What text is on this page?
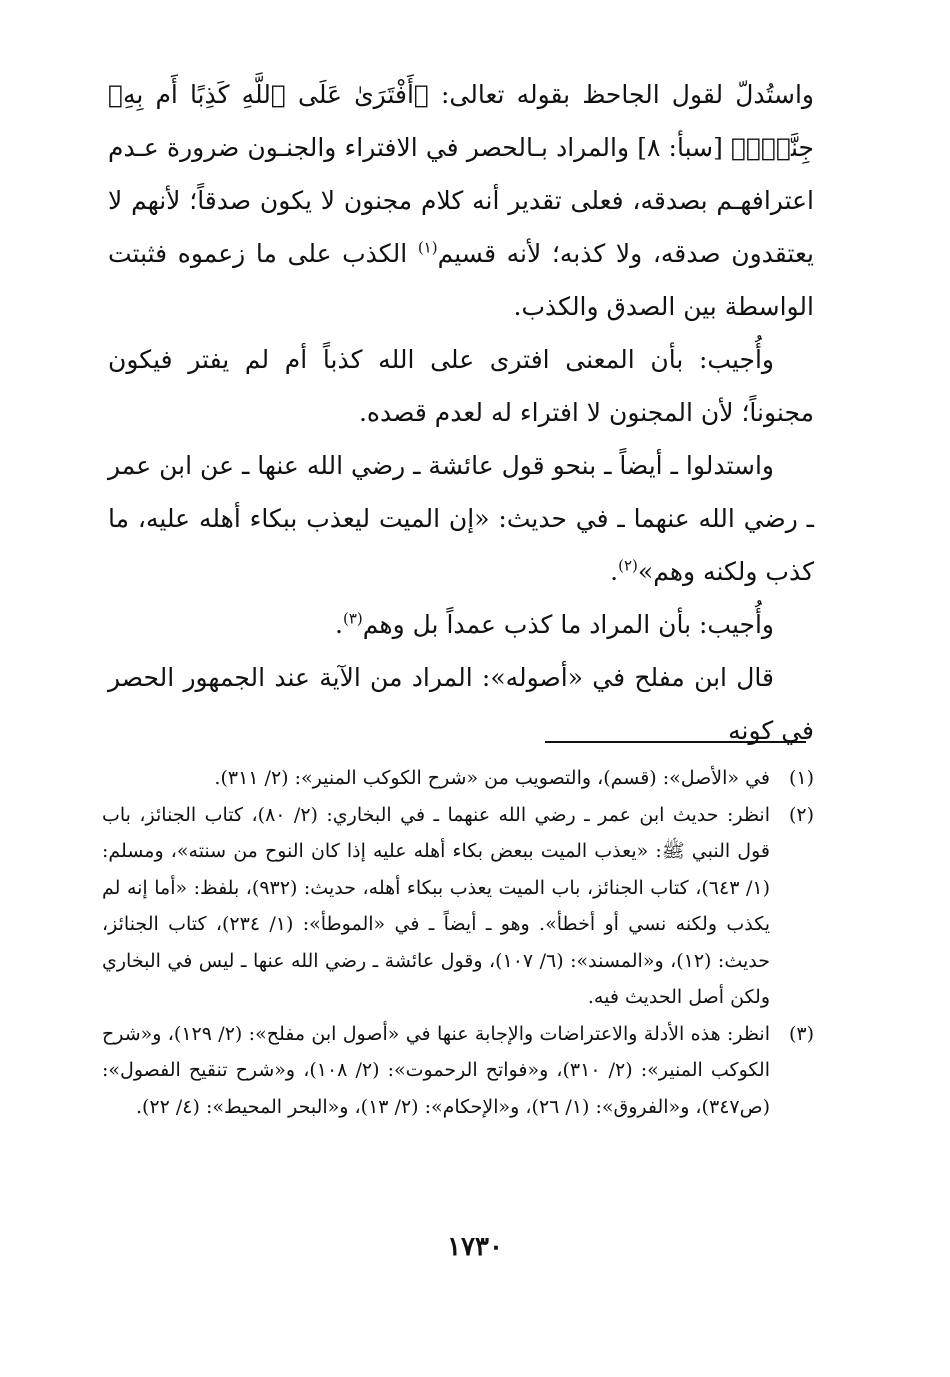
واستُدلّ لقول الجاحظ بقوله تعالى: ﴿أَفْتَرَىٰ عَلَى ٱللَّهِ كَذِبًا أَم بِهِۦ جِنَّةٌۢ﴾ [سبأ: ٨] والمراد بـالحصر في الافتراء والجنـون ضرورة عـدم اعترافهـم بصدقه، فعلى تقدير أنه كلام مجنون لا يكون صدقاً؛ لأنهم لا يعتقدون صدقه، ولا كذبه؛ لأنه قسيم$^{(١)}$ الكذب على ما زعموه فثبتت الواسطة بين الصدق والكذب.

وأُجيب: بأن المعنى افترى على الله كذباً أم لم يفتر فيكون مجنوناً؛ لأن المجنون لا افتراء له لعدم قصده.

واستدلوا ـ أيضاً ـ بنحو قول عائشة ـ رضي الله عنها ـ عن ابن عمر ـ رضي الله عنهما ـ في حديث: «إن الميت ليعذب ببكاء أهله عليه، ما كذب ولكنه وهم»$^{(٢)}$.

وأُجيب: بأن المراد ما كذب عمداً بل وهم$^{(٣)}$.

قال ابن مفلح في «أصوله»: المراد من الآية عند الجمهور الحصر في كونه

(١)
في «الأصل»: (قسم)، والتصويب من «شرح الكوكب المنير»: (٢/ ٣١١).
(٢)
انظر: حديث ابن عمر ـ رضي الله عنهما ـ في البخاري: (٢/ ٨٠)، كتاب الجنائز، باب قول النبي ﷺ: «يعذب الميت ببعض بكاء أهله عليه إذا كان النوح من سنته»، ومسلم: (١/ ٦٤٣)، كتاب الجنائز، باب الميت يعذب ببكاء أهله، حديث: (٩٣٢)، بلفظ: «أما إنه لم يكذب ولكنه نسي أو أخطأ». وهو ـ أيضاً ـ في «الموطأ»: (١/ ٢٣٤)، كتاب الجنائز، حديث: (١٢)، و«المسند»: (٦/ ١٠٧)، وقول عائشة ـ رضي الله عنها ـ ليس في البخاري ولكن أصل الحديث فيه.
(٣)
انظر: هذه الأدلة والاعتراضات والإجابة عنها في «أصول ابن مفلح»: (٢/ ١٢٩)، و«شرح الكوكب المنير»: (٢/ ٣١٠)، و«فواتح الرحموت»: (٢/ ١٠٨)، و«شرح تنقيح الفصول»: (ص٣٤٧)، و«الفروق»: (١/ ٢٦)، و«الإحكام»: (٢/ ١٣)، و«البحر المحيط»: (٤/ ٢٢).
١٧٣٠
